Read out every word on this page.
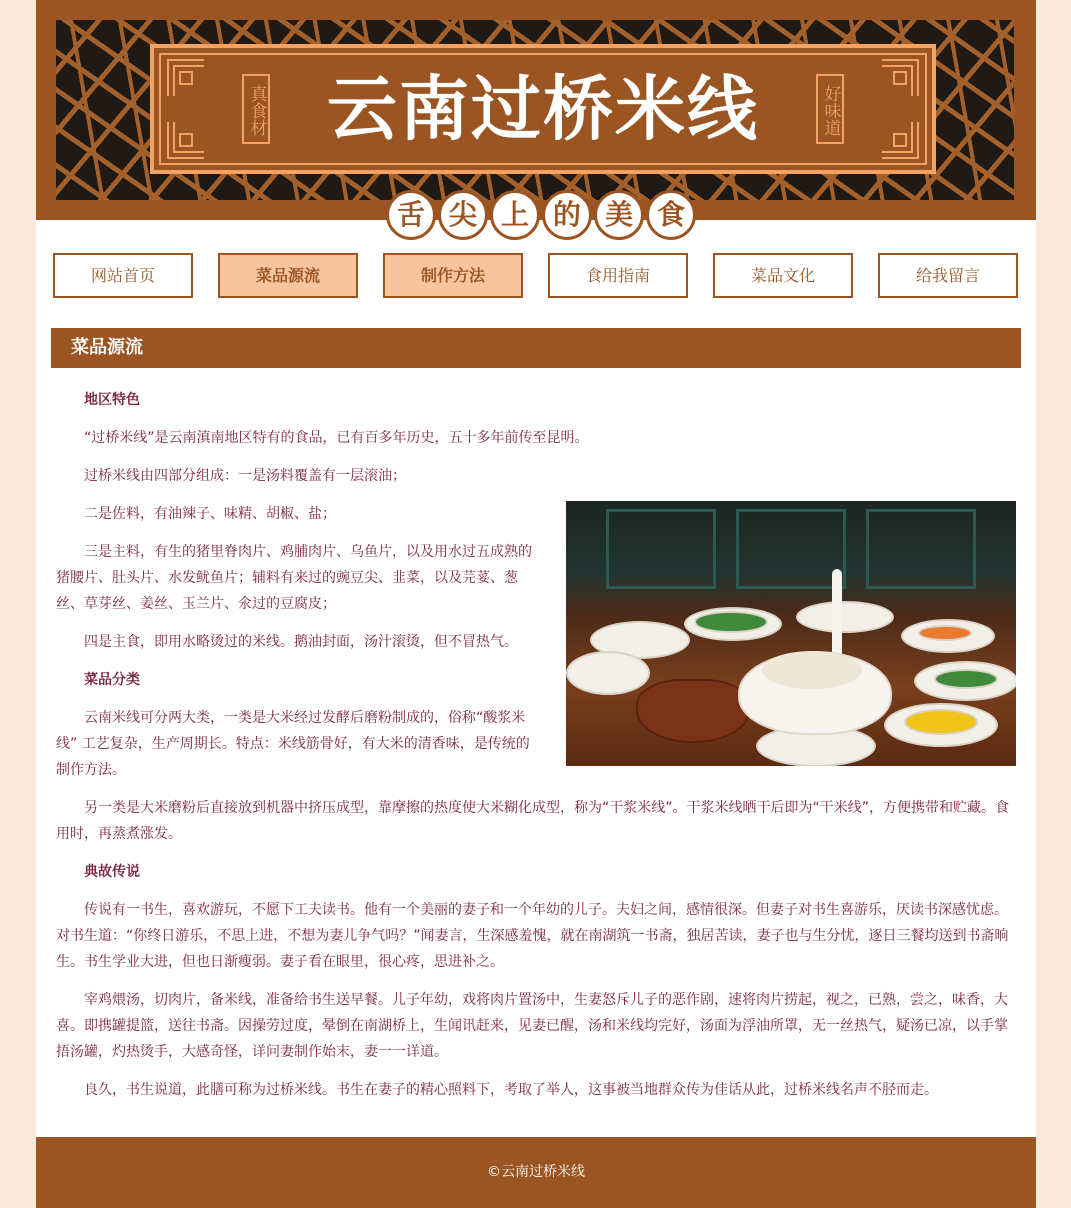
真食材 云南过桥米线	好味道
舌 尖 上 的 美 食
网站首页	菜品源流	制作方法	食用指南	菜品文化	给我留言
菜品源流

地区特色

“过桥米线”是云南滇南地区特有的食品，已有百多年历史，五十多年前传至昆明。

过桥米线由四部分组成：一是汤料覆盖有一层滚油；

二是佐料，有油辣子、味精、胡椒、盐；

三是主料，有生的猪里脊肉片、鸡脯肉片、乌鱼片，以及用水过五成熟的猪腰片、肚头片、水发鱿鱼片；辅料有来过的豌豆尖、韭菜，以及芫荽、葱丝、草芽丝、姜丝、玉兰片、氽过的豆腐皮；

四是主食，即用水略烫过的米线。鹅油封面，汤汁滚烫，但不冒热气。

菜品分类

云南米线可分两大类，一类是大米经过发酵后磨粉制成的，俗称“酸浆米线” 工艺复杂，生产周期长。特点：米线筋骨好，有大米的清香味，是传统的制作方法。

另一类是大米磨粉后直接放到机器中挤压成型，靠摩擦的热度使大米糊化成型，称为“干浆米线”。干浆米线晒干后即为“干米线”，方便携带和贮藏。食用时，再蒸煮涨发。

典故传说

传说有一书生，喜欢游玩，不愿下工夫读书。他有一个美丽的妻子和一个年幼的儿子。夫妇之间，感情很深。但妻子对书生喜游乐，厌读书深感忧虑。对书生道：“你终日游乐，不思上进，不想为妻儿争气吗？”闻妻言，生深感羞愧，就在南湖筑一书斋，独居苦读，妻子也与生分忧，逐日三餐均送到书斋晌生。书生学业大进，但也日渐瘦弱。妻子看在眼里，很心疼，思进补之。

宰鸡煨汤，切肉片，备米线，准备给书生送早餐。儿子年幼，戏将肉片置汤中，生妻怒斥儿子的恶作剧，速将肉片捞起，视之，已熟，尝之，味香，大喜。即携罐提篮，送往书斋。因操劳过度，晕倒在南湖桥上，生闻讯赶来，见妻已醒，汤和米线均完好，汤面为浮油所罩，无一丝热气，疑汤已凉，以手掌捂汤罐，灼热烫手，大感奇怪，详问妻制作始末，妻一一详道。

良久，书生说道，此膳可称为过桥米线。书生在妻子的精心照料下，考取了举人，这事被当地群众传为佳话从此，过桥米线名声不胫而走。

©云南过桥米线
